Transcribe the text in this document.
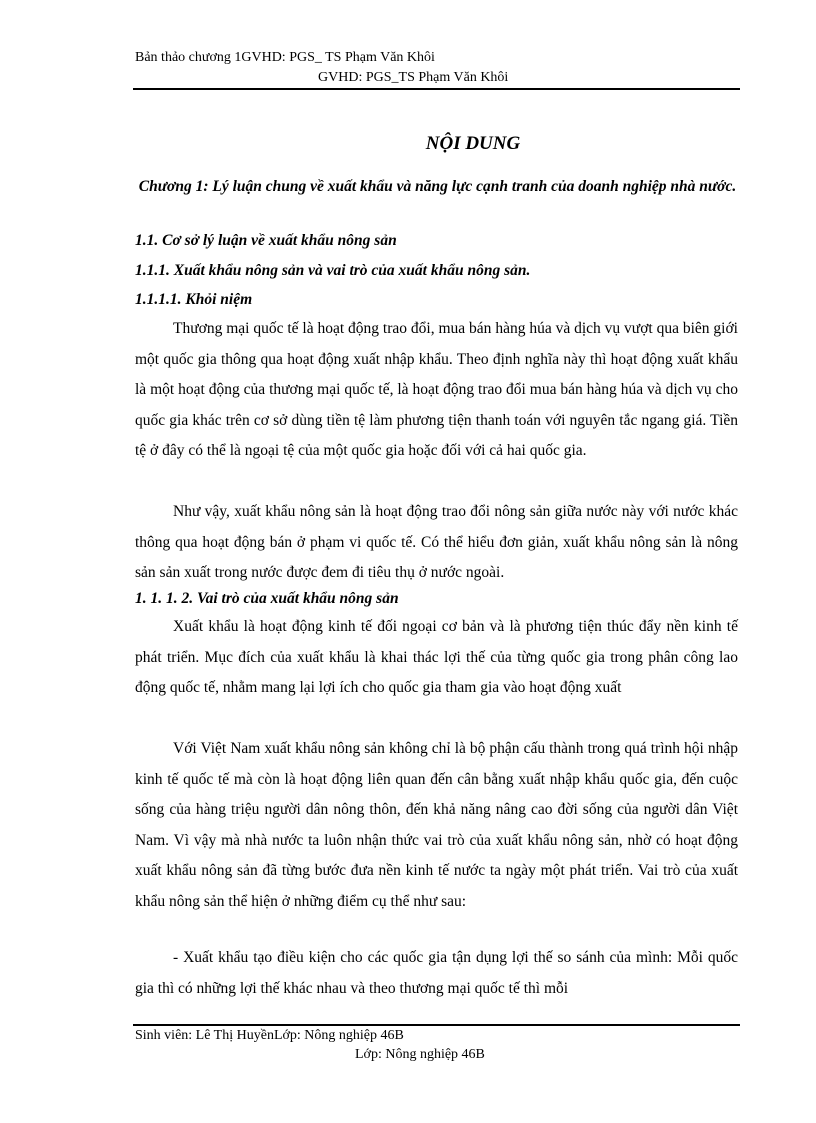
Bản thảo chương 1GVHD: PGS_ TS Phạm Văn Khôi
GVHD: PGS_TS Phạm Văn Khôi
NỘI DUNG
Chương 1: Lý luận chung về xuất khẩu và năng lực cạnh tranh của doanh nghiệp nhà nước.
1.1. Cơ sở lý luận về xuất khẩu nông sản
1.1.1. Xuất khẩu nông sản và vai trò của xuất khẩu nông sản.
1.1.1.1. Khỏi niệm
Thương mại quốc tế là hoạt động trao đổi, mua bán hàng húa và dịch vụ vượt qua biên giới một quốc gia thông qua hoạt động xuất nhập khẩu. Theo định nghĩa này thì hoạt động xuất khẩu là một hoạt động của thương mại quốc tế, là hoạt động trao đổi mua bán hàng húa và dịch vụ cho quốc gia khác trên cơ sở dùng tiền tệ làm phương tiện thanh toán với nguyên tắc ngang giá. Tiền tệ ở đây có thể là ngoại tệ của một quốc gia hoặc đối với cả hai quốc gia.
Như vậy, xuất khẩu nông sản là hoạt động trao đổi nông sản giữa nước này với nước khác thông qua hoạt động bán ở phạm vi quốc tế. Có thể hiểu đơn giản, xuất khẩu nông sản là nông sản sản xuất trong nước được đem đi tiêu thụ ở nước ngoài.
1. 1. 1. 2. Vai trò của xuất khẩu nông sản
Xuất khẩu là hoạt động kinh tế đối ngoại cơ bản và là phương tiện thúc đẩy nền kinh tế phát triển. Mục đích của xuất khẩu là khai thác lợi thế của từng quốc gia trong phân công lao động quốc tế, nhằm mang lại lợi ích cho quốc gia tham gia vào hoạt động xuất
Với Việt Nam xuất khẩu nông sản không chỉ là bộ phận cấu thành trong quá trình hội nhập kinh tế quốc tế mà còn là hoạt động liên quan đến cân bằng xuất nhập khẩu quốc gia, đến cuộc sống của hàng triệu người dân nông thôn, đến khả năng nâng cao đời sống của người dân Việt Nam. Vì vậy mà nhà nước ta luôn nhận thức vai trò của xuất khẩu nông sản, nhờ có hoạt động xuất khẩu nông sản đã từng bước đưa nền kinh tế nước ta ngày một phát triển. Vai trò của xuất khẩu nông sản thể hiện ở những điểm cụ thể như sau:
- Xuất khẩu tạo điều kiện cho các quốc gia tận dụng lợi thế so sánh của mình: Mỗi quốc gia thì có những lợi thế khác nhau và theo thương mại quốc tế thì mỗi
Sinh viên: Lê Thị HuyềnLớp: Nông nghiệp 46B
Lớp: Nông nghiệp 46B
